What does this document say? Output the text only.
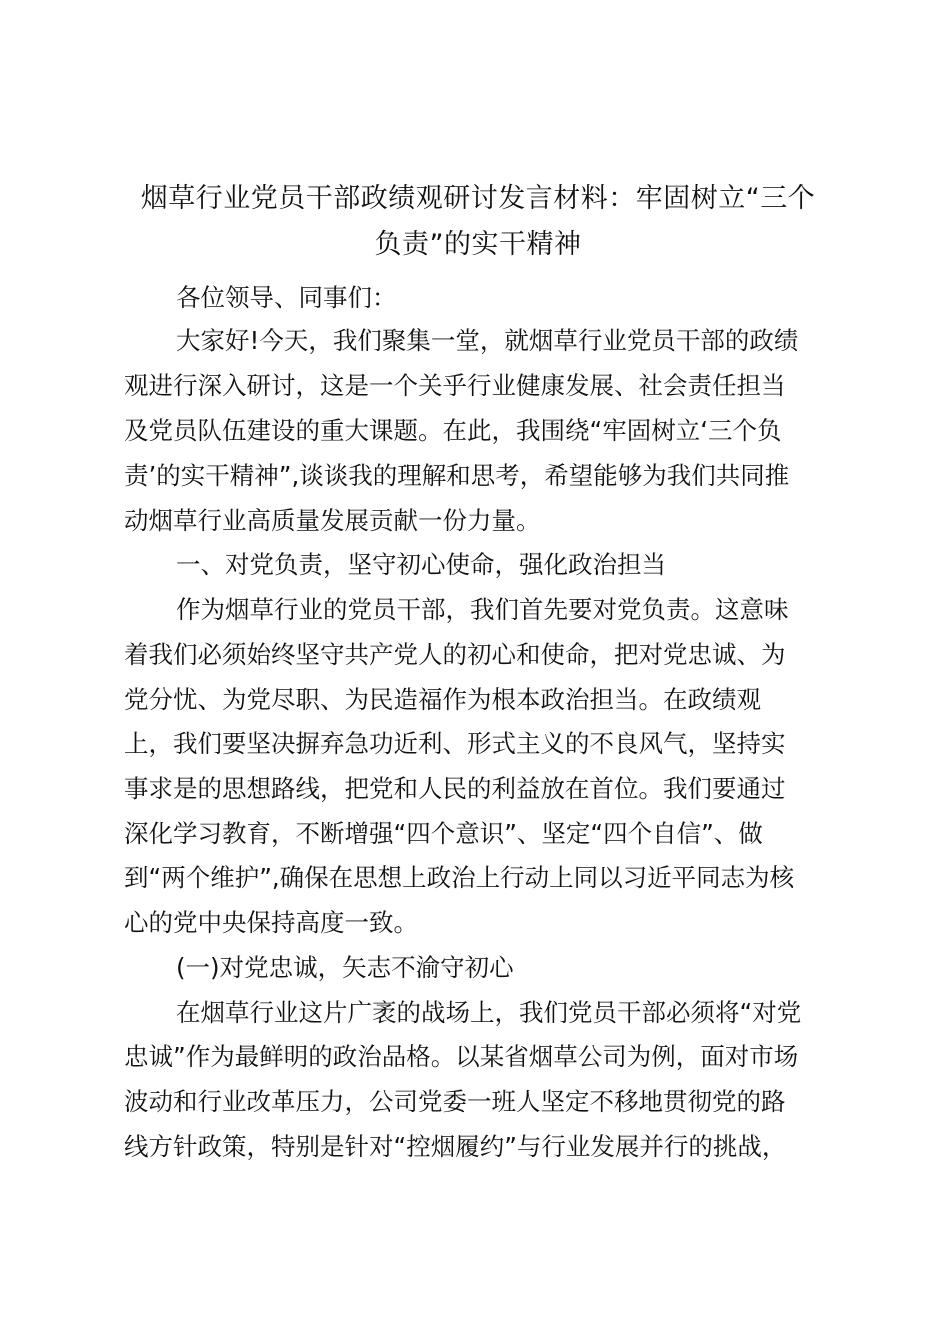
烟草行业党员干部政绩观研讨发言材料：牢固树立“三个
负责”的实干精神
各位领导、同事们：
大家好!今天，我们聚集一堂，就烟草行业党员干部的政绩
观进行深入研讨，这是一个关乎行业健康发展、社会责任担当
及党员队伍建设的重大课题。在此，我围绕“牢固树立‘三个负
责’的实干精神”,谈谈我的理解和思考，希望能够为我们共同推
动烟草行业高质量发展贡献一份力量。
一、对党负责，坚守初心使命，强化政治担当
作为烟草行业的党员干部，我们首先要对党负责。这意味
着我们必须始终坚守共产党人的初心和使命，把对党忠诚、为
党分忧、为党尽职、为民造福作为根本政治担当。在政绩观
上，我们要坚决摒弃急功近利、形式主义的不良风气，坚持实
事求是的思想路线，把党和人民的利益放在首位。我们要通过
深化学习教育，不断增强“四个意识”、坚定“四个自信”、做
到“两个维护”,确保在思想上政治上行动上同以习近平同志为核
心的党中央保持高度一致。
(一)对党忠诚，矢志不渝守初心
在烟草行业这片广袤的战场上，我们党员干部必须将“对党
忠诚”作为最鲜明的政治品格。以某省烟草公司为例，面对市场
波动和行业改革压力，公司党委一班人坚定不移地贯彻党的路
线方针政策，特别是针对“控烟履约”与行业发展并行的挑战，
